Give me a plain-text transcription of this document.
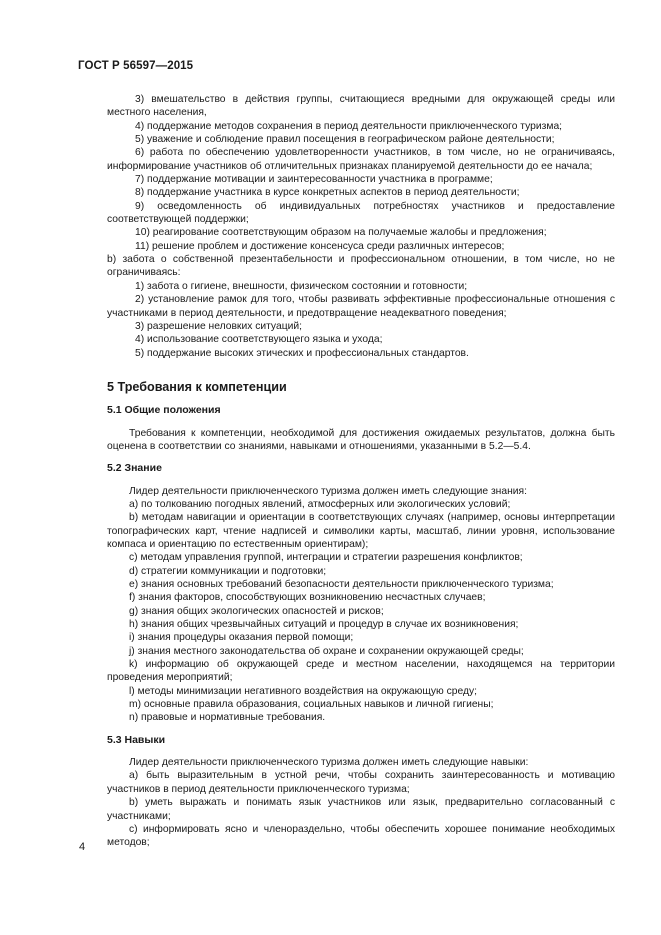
ГОСТ Р 56597—2015

3) вмешательство в действия группы, считающиеся вредными для окружающей среды или местного населения,

4) поддержание методов сохранения в период деятельности приключенческого туризма;

5) уважение и соблюдение правил посещения в географическом районе деятельности;

6) работа по обеспечению удовлетворенности участников, в том числе, но не ограничиваясь, информирование участников об отличительных признаках планируемой деятельности до ее начала;

7) поддержание мотивации и заинтересованности участника в программе;

8) поддержание участника в курсе конкретных аспектов в период деятельности;

9) осведомленность об индивидуальных потребностях участников и предоставление соответствующей поддержки;

10) реагирование соответствующим образом на получаемые жалобы и предложения;

11) решение проблем и достижение консенсуса среди различных интересов;

b) забота о собственной презентабельности и профессиональном отношении, в том числе, но не ограничиваясь:

1) забота о гигиене, внешности, физическом состоянии и готовности;

2) установление рамок для того, чтобы развивать эффективные профессиональные отношения с участниками в период деятельности, и предотвращение неадекватного поведения;

3) разрешение неловких ситуаций;

4) использование соответствующего языка и ухода;

5) поддержание высоких этических и профессиональных стандартов.

5 Требования к компетенции
5.1 Общие положения

Требования к компетенции, необходимой для достижения ожидаемых результатов, должна быть оценена в соответствии со знаниями, навыками и отношениями, указанными в 5.2—5.4.

5.2 Знание

Лидер деятельности приключенческого туризма должен иметь следующие знания:

a) по толкованию погодных явлений, атмосферных или экологических условий;

b) методам навигации и ориентации в соответствующих случаях (например, основы интерпретации топографических карт, чтение надписей и символики карты, масштаб, линии уровня, использование компаса и ориентацию по естественным ориентирам);

c) методам управления группой, интеграции и стратегии разрешения конфликтов;

d) стратегии коммуникации и подготовки;

e) знания основных требований безопасности деятельности приключенческого туризма;

f) знания факторов, способствующих возникновению несчастных случаев;

g) знания общих экологических опасностей и рисков;

h) знания общих чрезвычайных ситуаций и процедур в случае их возникновения;

i) знания процедуры оказания первой помощи;

j) знания местного законодательства об охране и сохранении окружающей среды;

k) информацию об окружающей среде и местном населении, находящемся на территории проведения мероприятий;

l) методы минимизации негативного воздействия на окружающую среду;

m) основные правила образования, социальных навыков и личной гигиены;

n) правовые и нормативные требования.

5.3 Навыки

Лидер деятельности приключенческого туризма должен иметь следующие навыки:

a) быть выразительным в устной речи, чтобы сохранить заинтересованность и мотивацию участников в период деятельности приключенческого туризма;

b) уметь выражать и понимать язык участников или язык, предварительно согласованный с участниками;

c) информировать ясно и членораздельно, чтобы обеспечить хорошее понимание необходимых методов;

4
